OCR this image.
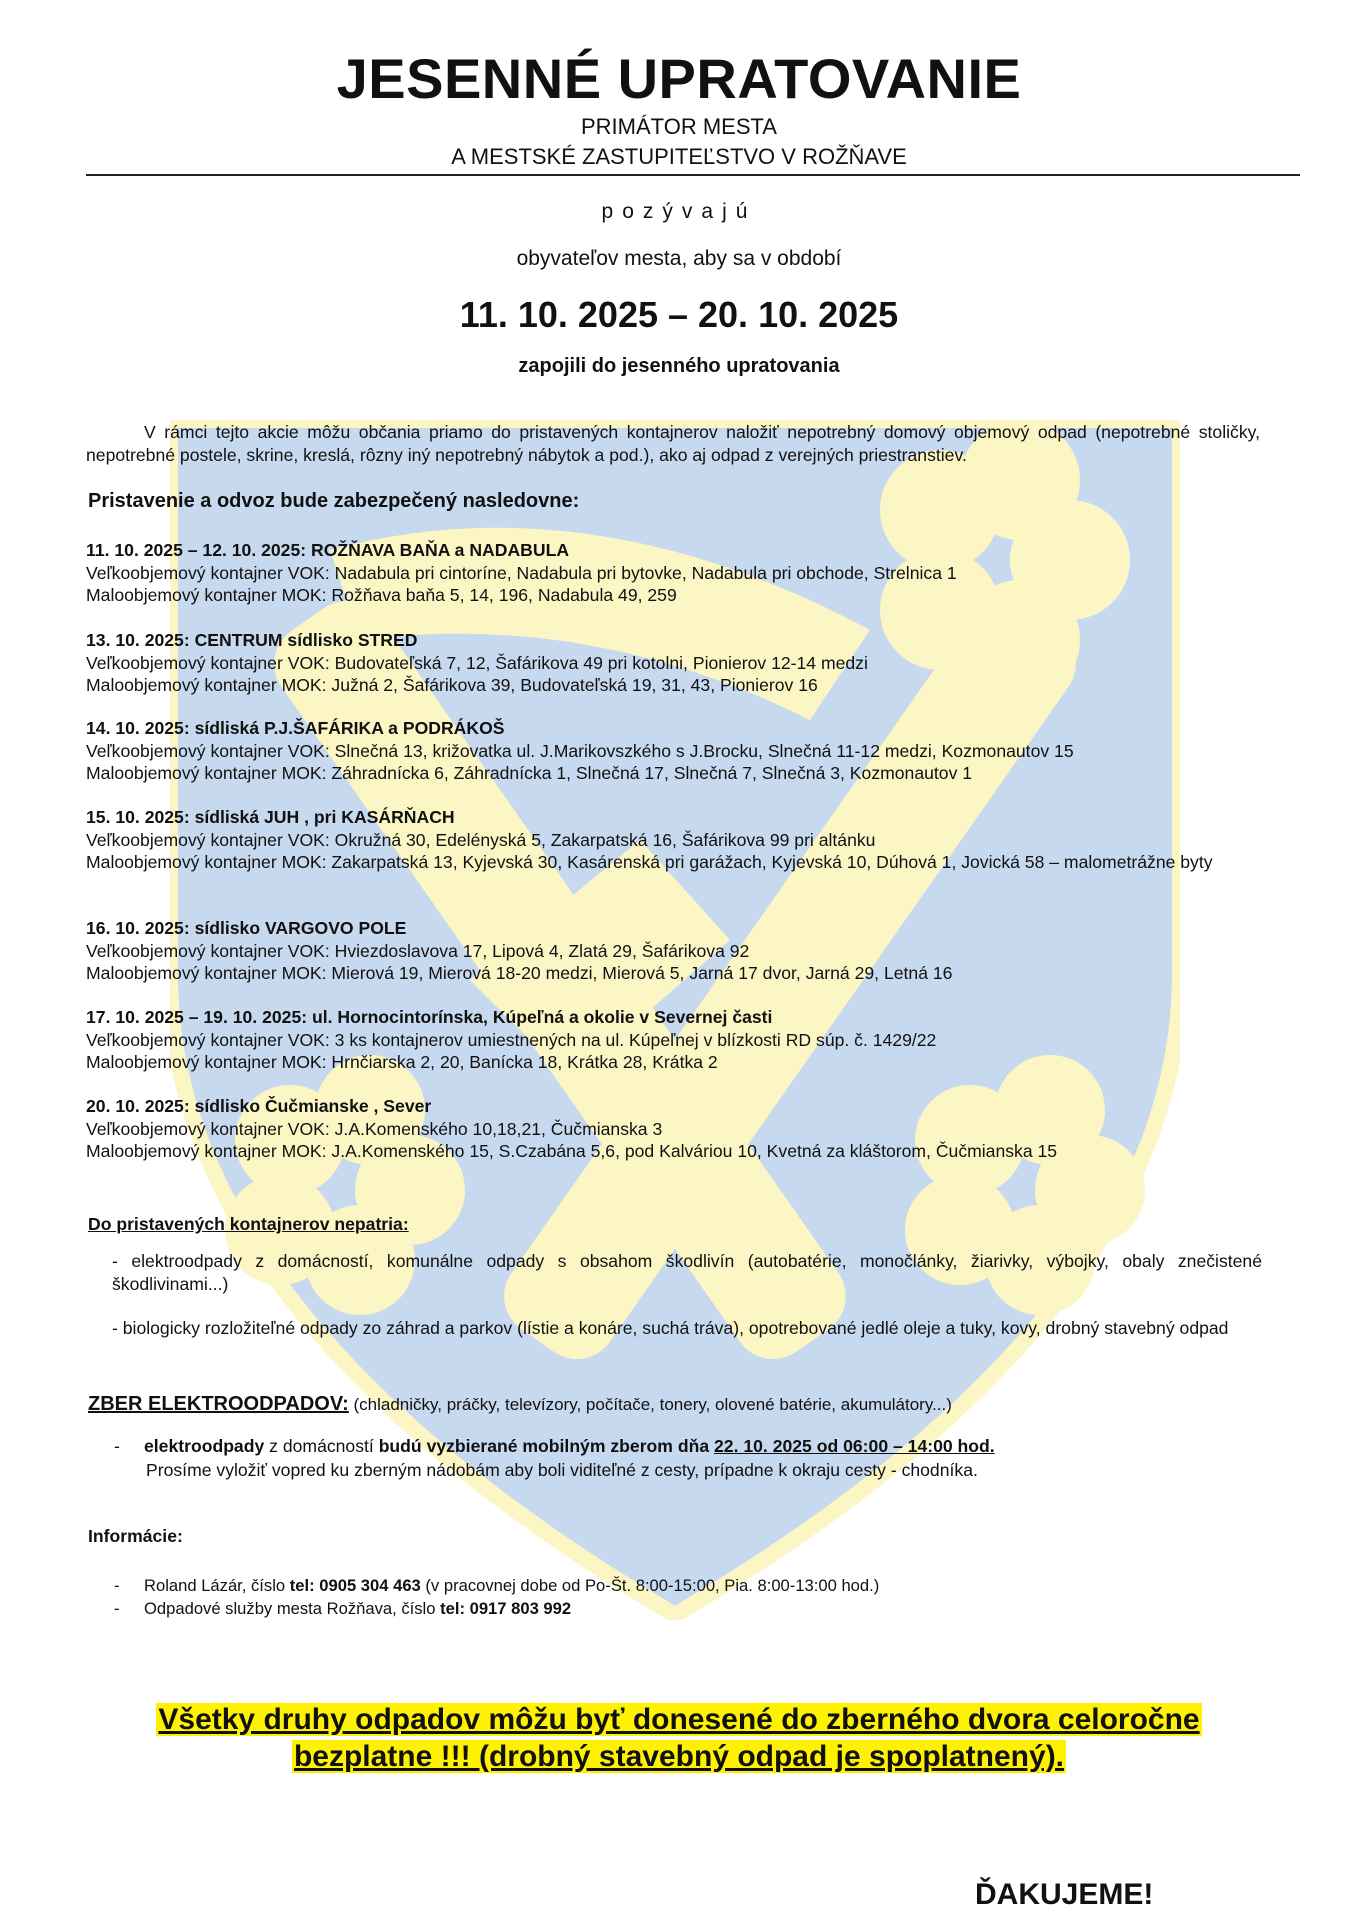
JESENNÉ UPRATOVANIE
PRIMÁTOR MESTA
A MESTSKÉ ZASTUPITEĽSTVO V ROŽŇAVE
pozývajú
obyvateľov mesta, aby sa v období
11. 10. 2025 – 20. 10. 2025
zapojili do jesenného upratovania
V rámci tejto akcie môžu občania priamo do pristavených kontajnerov naložiť nepotrebný domový objemový odpad (nepotrebné stoličky, nepotrebné postele, skrine, kreslá, rôzny iný nepotrebný nábytok a pod.), ako aj odpad z verejných priestranstiev.
Pristavenie a odvoz bude zabezpečený nasledovne:
11. 10. 2025 – 12. 10. 2025: ROŽŇAVA BAŇA a NADABULA
Veľkoobjemový kontajner VOK: Nadabula pri cintoríne, Nadabula pri bytovke, Nadabula pri obchode, Strelnica 1
Maloobjemový kontajner MOK: Rožňava baňa 5, 14, 196, Nadabula 49, 259
13. 10. 2025: CENTRUM sídlisko STRED
Veľkoobjemový kontajner VOK: Budovateľská 7, 12, Šafárikova 49 pri kotolni, Pionierov 12-14 medzi
Maloobjemový kontajner MOK: Južná 2, Šafárikova 39, Budovateľská 19, 31, 43, Pionierov 16
14. 10. 2025: sídliská P.J.ŠAFÁRIKA a PODRÁKOŠ
Veľkoobjemový kontajner VOK: Slnečná 13, križovatka ul. J.Marikovszkého s J.Brocku, Slnečná 11-12 medzi, Kozmonautov 15
Maloobjemový kontajner MOK: Záhradnícka 6, Záhradnícka 1, Slnečná 17, Slnečná 7, Slnečná 3, Kozmonautov 1
15. 10. 2025: sídliská JUH , pri KASÁRŇACH
Veľkoobjemový kontajner VOK: Okružná 30, Edelényská 5, Zakarpatská 16, Šafárikova 99 pri altánku
Maloobjemový kontajner MOK: Zakarpatská 13, Kyjevská 30, Kasárenská pri garážach, Kyjevská 10, Dúhová 1, Jovická 58 – malometrážne byty
16. 10. 2025: sídlisko VARGOVO POLE
Veľkoobjemový kontajner VOK: Hviezdoslavova 17, Lipová 4, Zlatá 29, Šafárikova 92
Maloobjemový kontajner MOK: Mierová 19, Mierová 18-20 medzi, Mierová 5, Jarná 17 dvor, Jarná 29, Letná 16
17. 10. 2025 – 19. 10. 2025: ul. Hornocintorínska, Kúpeľná a okolie v Severnej časti
Veľkoobjemový kontajner VOK: 3 ks kontajnerov umiestnených na ul. Kúpeľnej v blízkosti RD súp. č. 1429/22
Maloobjemový kontajner MOK: Hrnčiarska 2, 20, Banícka 18, Krátka 28, Krátka 2
20. 10. 2025: sídlisko Čučmianske , Sever
Veľkoobjemový kontajner VOK: J.A.Komenského 10,18,21, Čučmianska 3
Maloobjemový kontajner MOK: J.A.Komenského 15, S.Czabána 5,6, pod Kalváriou 10, Kvetná za kláštorom, Čučmianska 15
Do pristavených kontajnerov nepatria:
- elektroodpady z domácností, komunálne odpady s obsahom škodlivín (autobatérie, monočlánky, žiarivky, výbojky, obaly znečistené škodlivinami...)
- biologicky rozložiteľné odpady zo záhrad a parkov (lístie a konáre, suchá tráva), opotrebované jedlé oleje a tuky, kovy, drobný stavebný odpad
ZBER ELEKTROODPADOV: (chladničky, práčky, televízory, počítače, tonery, olovené batérie, akumulátory...)
- elektroodpady z domácností budú vyzbierané mobilným zberom dňa 22. 10. 2025 od 06:00 – 14:00 hod.
Prosíme vyložiť vopred ku zberným nádobám aby boli viditeľné z cesty, prípadne k okraju cesty - chodníka.
Informácie:
- Roland Lázár, číslo tel: 0905 304 463 (v pracovnej dobe od Po-Št. 8:00-15:00, Pia. 8:00-13:00 hod.)
- Odpadové služby mesta Rožňava, číslo tel: 0917 803 992
Všetky druhy odpadov môžu byť donesené do zberného dvora celoročne
bezplatne !!! (drobný stavebný odpad je spoplatnený).
ĎAKUJEME!
